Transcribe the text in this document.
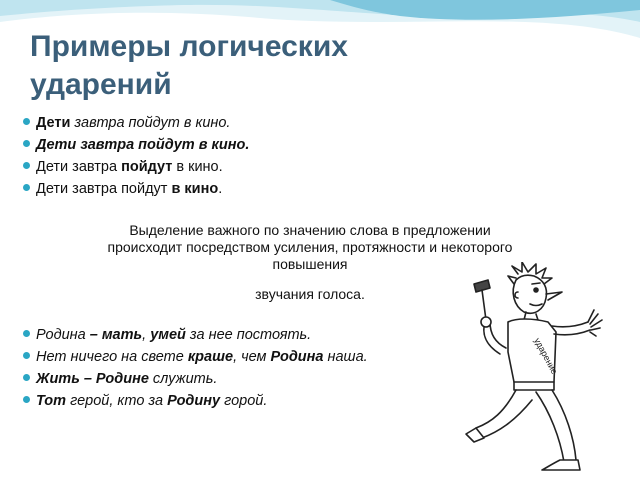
Примеры логических ударений
Дети завтра пойдут в кино.
Дети завтра пойдут в кино.
Дети завтра пойдут в кино.
Дети завтра пойдут в кино.

Выделение важного по значению слова в предложении
происходит посредством усиления, протяжности и некоторого
повышения

звучания голоса.

Родина – мать, умей за нее постоять.
Нет ничего на свете краше, чем Родина наша.
Жить – Родине служить.
Тот герой, кто за Родину горой.
ударение
